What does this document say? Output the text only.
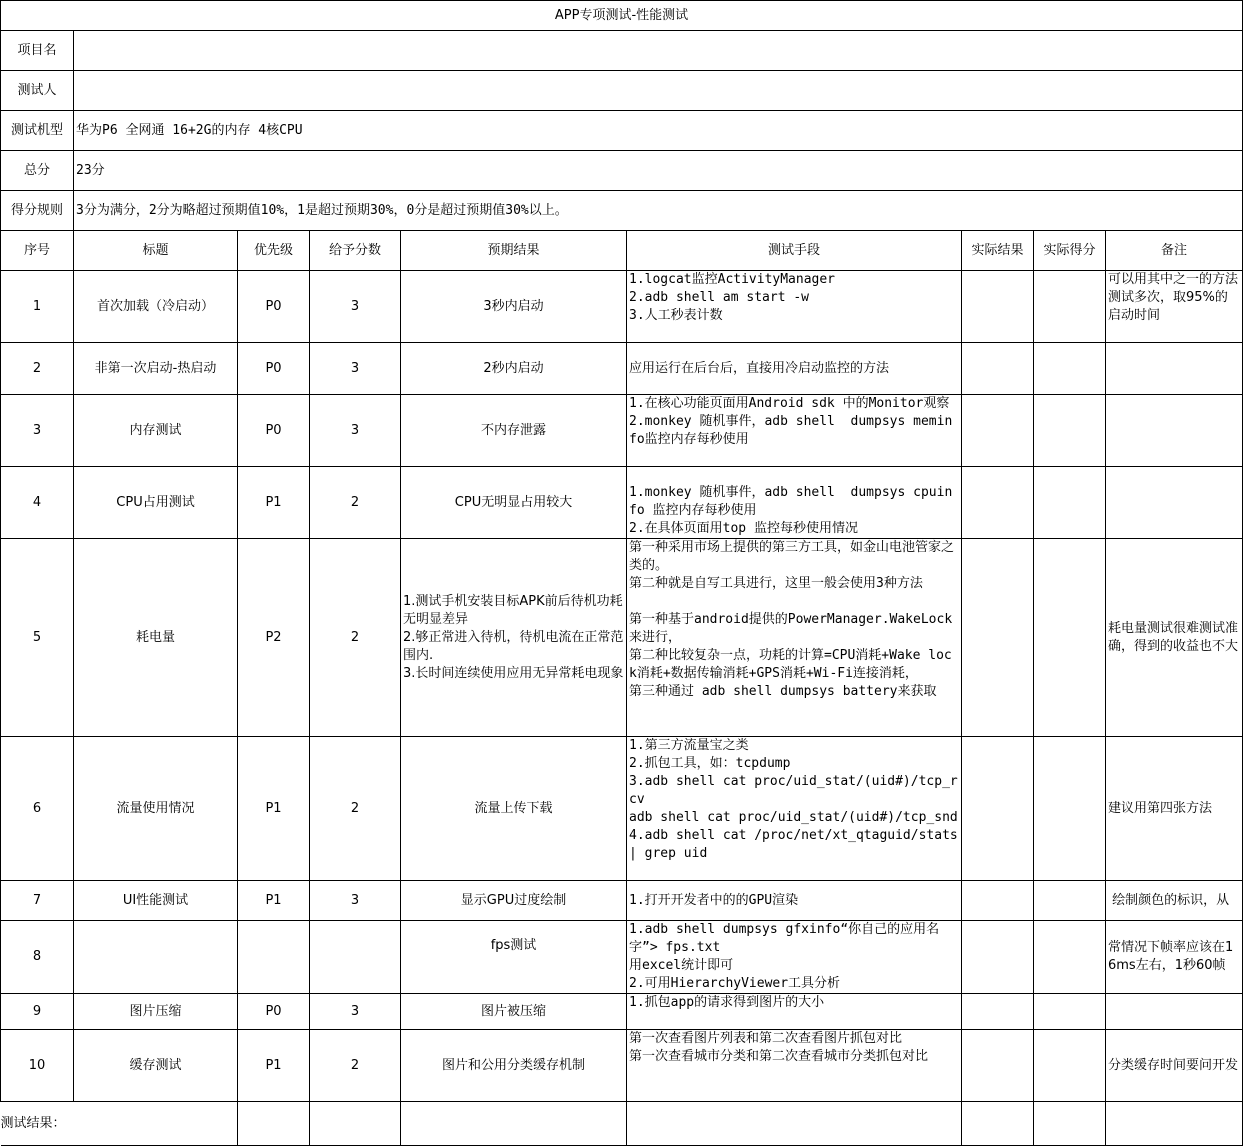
APP专项测试-性能测试								
项目名								
测试人								
测试机型	华为P6 全网通 16+2G的内存 4核CPU							
总分	23分							
得分规则	3分为满分，2分为略超过预期值10%，1是超过预期30%，0分是超过预期值30%以上。							
序号	标题	优先级	给予分数	预期结果	测试手段	实际结果	实际得分	备注
1	首次加载（冷启动）	P0	3	3秒内启动	1.logcat监控ActivityManager
2.adb shell am start -w
3.人工秒表计数			可以用其中之一的方法测试多次，取95%的启动时间
2	非第一次启动-热启动	P0	3	2秒内启动	应用运行在后台后，直接用冷启动监控的方法			
3	内存测试	P0	3	不内存泄露	1.在核心功能页面用Android sdk 中的Monitor观察
2.monkey 随机事件，adb shell  dumpsys meminfo监控内存每秒使用			
4	CPU占用测试	P1	2	CPU无明显占用较大	1.monkey 随机事件，adb shell  dumpsys cpuinfo 监控内存每秒使用
2.在具体页面用top 监控每秒使用情况			
5	耗电量	P2	2	1.测试手机安装目标APK前后待机功耗无明显差异
2.够正常进入待机，待机电流在正常范围内.
3.长时间连续使用应用无异常耗电现象	第一种采用市场上提供的第三方工具，如金山电池管家之类的。
第二种就是自写工具进行，这里一般会使用3种方法

第一种基于android提供的PowerManager.WakeLock来进行，
第二种比较复杂一点，功耗的计算=CPU消耗+Wake lock消耗+数据传输消耗+GPS消耗+Wi-Fi连接消耗，
第三种通过 adb shell dumpsys battery来获取			耗电量测试很难测试准确，得到的收益也不大
6	流量使用情况	P1	2	流量上传下载	1.第三方流量宝之类
2.抓包工具，如：tcpdump
3.adb shell cat proc/uid_stat/(uid#)/tcp_rcv
adb shell cat proc/uid_stat/(uid#)/tcp_snd
4.adb shell cat /proc/net/xt_qtaguid/stats | grep uid			建议用第四张方法
7	UI性能测试	P1	3	显示GPU过度绘制	1.打开开发者中的的GPU渲染			绘制颜色的标识，从
8				fps测试	1.adb shell dumpsys gfxinfo“你自己的应用名字”> fps.txt
用excel统计即可
2.可用HierarchyViewer工具分析			常情况下帧率应该在16ms左右，1秒60帧
9	图片压缩	P0	3	图片被压缩	1.抓包app的请求得到图片的大小			
10	缓存测试	P1	2	图片和公用分类缓存机制	第一次查看图片列表和第二次查看图片抓包对比
第一次查看城市分类和第二次查看城市分类抓包对比			分类缓存时间要问开发
测试结果：								
